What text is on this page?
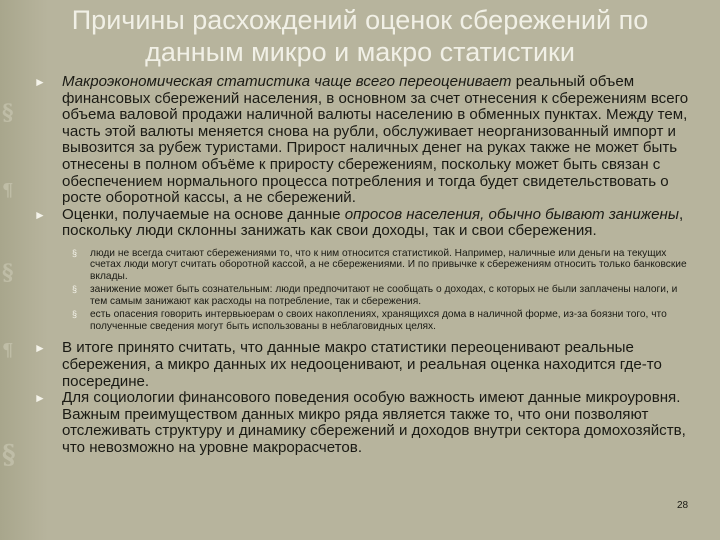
§
¶
§
¶
§
Причины расхождений оценок сбережений по
данным микро и макро статистики

► Макроэкономическая статистика чаще всего переоценивает реальный объем финансовых сбережений населения, в основном за счет отнесения к сбережениям всего объема валовой продажи наличной валюты населению в обменных пунктах. Между тем, часть этой валюты меняется снова на рубли, обслуживает неорганизованный импорт и вывозится за рубеж туристами. Прирост наличных денег на руках также не может быть отнесены в полном объёме к приросту сбережениям, поскольку может быть связан с обеспечением нормального процесса потребления и тогда будет свидетельствовать о росте оборотной кассы, а не сбережений.

► Оценки, получаемые на основе данные опросов населения, обычно бывают занижены, поскольку люди склонны занижать как свои доходы, так и свои сбережения.

§ люди не всегда считают сбережениями то, что к ним относится статистикой. Например, наличные или деньги на текущих счетах люди могут считать оборотной кассой, а не сбережениями. И по привычке к сбережениям относить только банковские вклады.

§ занижение может быть сознательным: люди предпочитают не сообщать о доходах, с которых не были заплачены налоги, и тем самым занижают как расходы на потребление, так и сбережения.

§ есть опасения говорить интервьюерам о своих накоплениях, хранящихся дома в наличной форме, из-за боязни того, что полученные сведения могут быть использованы в неблаговидных целях.

► В итоге принято считать, что данные макро статистики переоценивают реальные сбережения, а микро данных их недооценивают, и реальная оценка находится где-то посередине.

► Для социологии финансового поведения особую важность имеют данные микроуровня. Важным преимуществом данных микро ряда является также то, что они позволяют отслеживать структуру и динамику сбережений и доходов внутри сектора домохозяйств, что невозможно на уровне макрорасчетов.

28
